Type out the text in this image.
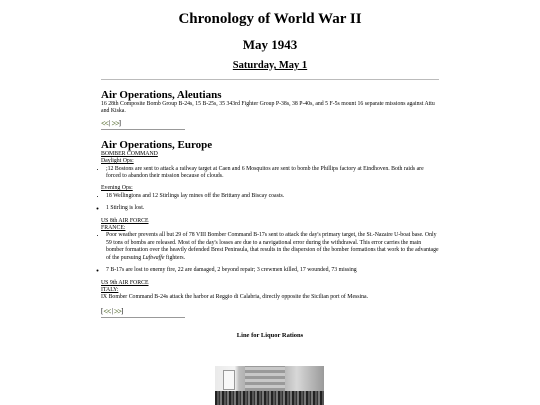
Chronology of World War II
May 1943
Saturday, May 1
Air Operations, Aleutians
16 28th Composite Bomb Group B-24s, 15 B-25s, 35 343rd Fighter Group P-38s, 38 P-40s, and 5 F-5s mount 16 separate missions against Attu and Kiska.
<< | >> ]
Air Operations, Europe
BOMBER COMMAND
Daylight Ops:
• ;12 Bostons are sent to attack a railway target at Caen and 6 Mosquitos are sent to bomb the Phillips factory at Eindhoven. Both raids are forced to abandon their mission because of clouds.
Evening Ops:
• 18 Wellingtons and 12 Stirlings lay mines off the Brittany and Biscay coasts.
◦ 1 Stirling is lost.
US 8th AIR FORCE
FRANCE:
• Poor weather prevents all but 29 of 78 VIII Bomber Command B-17s sent to attack the day's primary target, the St.-Nazaire U-boat base. Only 59 tons of bombs are released. Most of the day's losses are due to a navigational error during the withdrawal. This error carries the main bomber formation over the heavily defended Brest Peninsula, that results in the dispersion of the bomber formations that work to the advantage of the pursuing Luftwaffe fighters.
◦ 7 B-17s are lost to enemy fire, 22 are damaged, 2 beyond repair; 3 crewmen killed, 17 wounded, 73 missing
US 9th AIR FORCE
ITALY:
IX Bomber Command B-24s attack the harbor at Reggio di Calabria, directly opposite the Sicilian port of Messina.
[ << | >> ]
Line for Liquor Rations
